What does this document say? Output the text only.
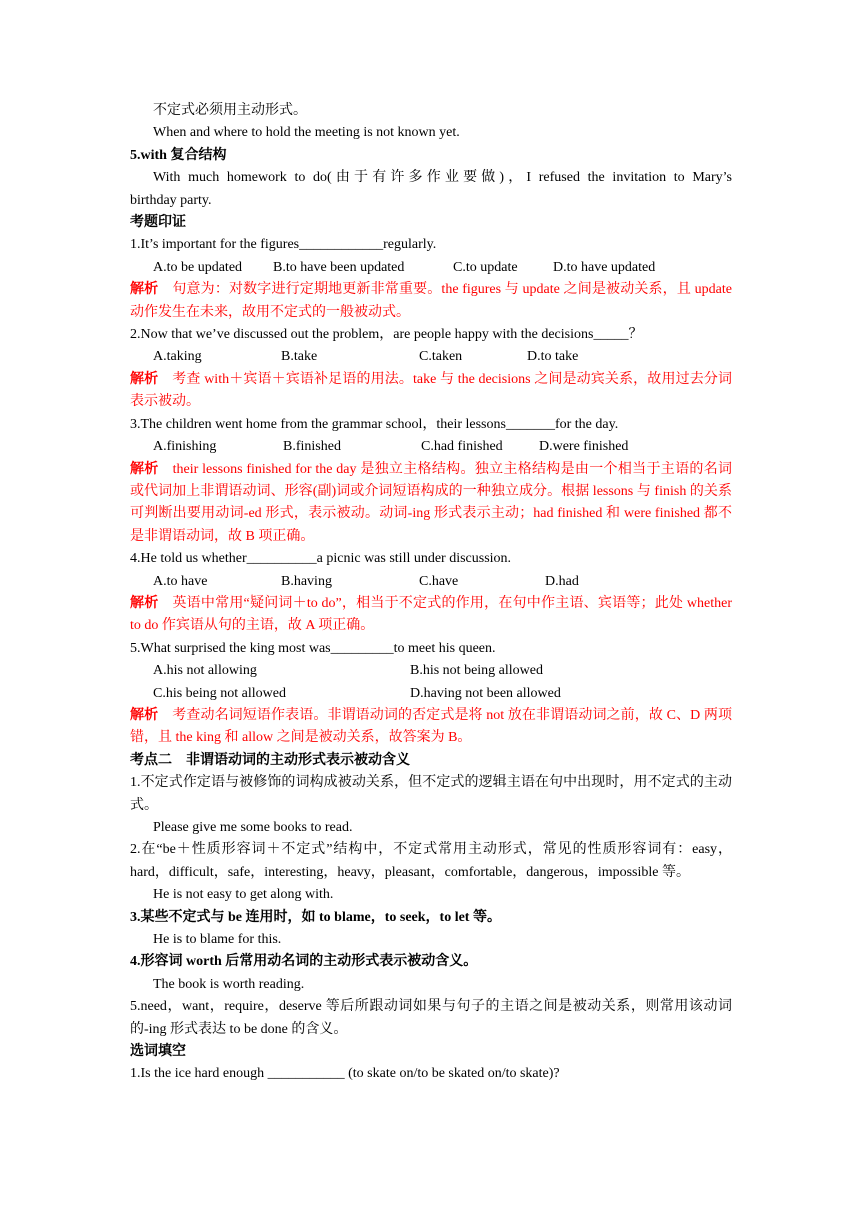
不定式必须用主动形式。
When and where to hold the meeting is not known yet.
5.with 复合结构
With much homework to do(由于有许多作业要做)，I refused the invitation to Mary’s
birthday party.
考题印证
1.It’s important for the figures____________regularly.
A.to be updated	B.to have been updated	C.to update	D.to have updated
解析 句意为：对数字进行定期地更新非常重要。the figures 与 update 之间是被动关系，且 update 动作发生在未来，故用不定式的一般被动式。
2.Now that we’ve discussed out the problem，are people happy with the decisions_____？
A.taking	B.take	C.taken	D.to take
解析 考查 with＋宾语＋宾语补足语的用法。take 与 the decisions 之间是动宾关系，故用过去分词表示被动。
3.The children went home from the grammar school，their lessons_______for the day.
A.finishing	B.finished	C.had finished	D.were finished
解析 their lessons finished for the day 是独立主格结构。独立主格结构是由一个相当于主语的名词或代词加上非谓语动词、形容(副)词或介词短语构成的一种独立成分。根据 lessons 与 finish 的关系可判断出要用动词-ed 形式，表示被动。动词-ing 形式表示主动；had finished 和 were finished 都不是非谓语动词，故 B 项正确。
4.He told us whether__________a picnic was still under discussion.
A.to have	B.having	C.have	D.had
解析 英语中常用“疑问词＋to do”，相当于不定式的作用，在句中作主语、宾语等；此处 whether to do 作宾语从句的主语，故 A 项正确。
5.What surprised the king most was_________to meet his queen.
A.his not allowing	B.his not being allowed
C.his being not allowed	D.having not been allowed
解析 考查动名词短语作表语。非谓语动词的否定式是将 not 放在非谓语动词之前，故 C、D 两项错，且 the king 和 allow 之间是被动关系，故答案为 B。
考点二　非谓语动词的主动形式表示被动含义
1.不定式作定语与被修饰的词构成被动关系，但不定式的逻辑主语在句中出现时，用不定式的主动式。
Please give me some books to read.
2.在“be＋性质形容词＋不定式”结构中，不定式常用主动形式，常见的性质形容词有：easy，hard，difficult，safe，interesting，heavy，pleasant，comfortable，dangerous，impossible 等。
He is not easy to get along with.
3.某些不定式与 be 连用时，如 to blame，to seek，to let 等。
He is to blame for this.
4.形容词 worth 后常用动名词的主动形式表示被动含义。
The book is worth reading.
5.need，want，require，deserve 等后所跟动词如果与句子的主语之间是被动关系，则常用该动词的-ing 形式表达 to be done 的含义。
选词填空
1.Is the ice hard enough ___________ (to skate on/to be skated on/to skate)?
